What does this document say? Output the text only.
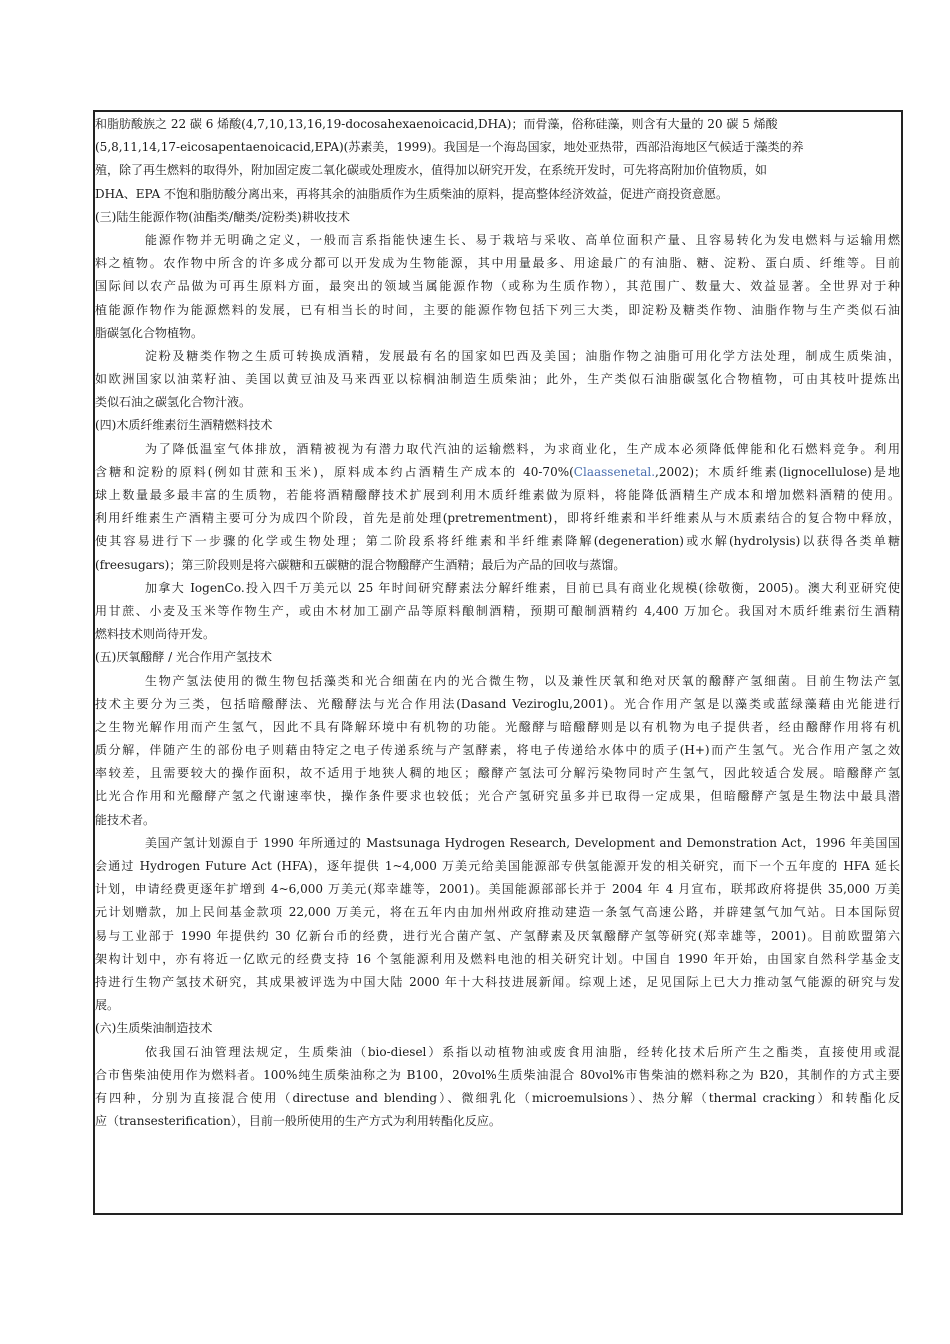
和脂肪酸族之 22 碳 6 烯酸(4,7,10,13,16,19-docosahexaenoicacid,DHA)；而骨藻，俗称硅藻，则含有大量的 20 碳 5 烯酸
(5,8,11,14,17-eicosapentaenoicacid,EPA)(苏素美，1999)。我国是一个海岛国家，地处亚热带，西部沿海地区气候适于藻类的养
殖，除了再生燃料的取得外，附加固定废二氧化碳或处理废水，值得加以研究开发，在系统开发时，可先将高附加价值物质，如
DHA、EPA 不饱和脂肪酸分离出来，再将其余的油脂质作为生质柴油的原料，提高整体经济效益，促进产商投资意愿。
(三)陆生能源作物(油酯类/醣类/淀粉类)耕收技术
能源作物并无明确之定义，一般而言系指能快速生长、易于栽培与采收、高单位面积产量、且容易转化为发电燃料与运输用燃
料之植物。农作物中所含的许多成分都可以开发成为生物能源，其中用量最多、用途最广的有油脂、糖、淀粉、蛋白质、纤维等。目前
国际间以农产品做为可再生原料方面，最突出的领域当属能源作物（或称为生质作物），其范围广、数量大、效益显著。全世界对于种
植能源作物作为能源燃料的发展，已有相当长的时间，主要的能源作物包括下列三大类，即淀粉及糖类作物、油脂作物与生产类似石油
脂碳氢化合物植物。
淀粉及糖类作物之生质可转换成酒精，发展最有名的国家如巴西及美国；油脂作物之油脂可用化学方法处理，制成生质柴油，
如欧洲国家以油菜籽油、美国以黄豆油及马来西亚以棕榈油制造生质柴油；此外，生产类似石油脂碳氢化合物植物，可由其枝叶提炼出
类似石油之碳氢化合物汁液。
(四)木质纤维素衍生酒精燃料技术
为了降低温室气体排放，酒精被视为有潜力取代汽油的运输燃料，为求商业化，生产成本必须降低俾能和化石燃料竞争。利用
含糖和淀粉的原料(例如甘蔗和玉米)，原料成本约占酒精生产成本的 40-70%(Claassenetal.,2002)；木质纤维素(lignocellulose)是地
球上数量最多最丰富的生质物，若能将酒精醱酵技术扩展到利用木质纤维素做为原料，将能降低酒精生产成本和增加燃料酒精的使用。
利用纤维素生产酒精主要可分为成四个阶段，首先是前处理(pretrementment)，即将纤维素和半纤维素从与木质素结合的复合物中释放，
使其容易进行下一步骤的化学或生物处理；第二阶段系将纤维素和半纤维素降解(degeneration)或水解(hydrolysis)以获得各类单糖
(freesugars)；第三阶段则是将六碳糖和五碳糖的混合物醱酵产生酒精；最后为产品的回收与蒸馏。
加拿大 IogenCo.投入四千万美元以 25 年时间研究酵素法分解纤维素，目前已具有商业化规模(徐敬衡，2005)。澳大利亚研究使
用甘蔗、小麦及玉米等作物生产，或由木材加工副产品等原料酿制酒精，预期可酿制酒精约 4,400 万加仑。我国对木质纤维素衍生酒精
燃料技术则尚待开发。
(五)厌氧醱酵 / 光合作用产氢技术
生物产氢法使用的微生物包括藻类和光合细菌在内的光合微生物，以及兼性厌氧和绝对厌氧的醱酵产氢细菌。目前生物法产氢
技术主要分为三类，包括暗醱酵法、光醱酵法与光合作用法(Dasand Veziroglu,2001)。光合作用产氢是以藻类或蓝绿藻藉由光能进行
之生物光解作用而产生氢气，因此不具有降解环境中有机物的功能。光醱酵与暗醱酵则是以有机物为电子提供者，经由醱酵作用将有机
质分解，伴随产生的部份电子则藉由特定之电子传递系统与产氢酵素，将电子传递给水体中的质子(H+)而产生氢气。光合作用产氢之效
率较差，且需要较大的操作面积，故不适用于地狭人稠的地区；醱酵产氢法可分解污染物同时产生氢气，因此较适合发展。暗醱酵产氢
比光合作用和光醱酵产氢之代谢速率快，操作条件要求也较低；光合产氢研究虽多并已取得一定成果，但暗醱酵产氢是生物法中最具潜
能技术者。
美国产氢计划源自于 1990 年所通过的 Mastsunaga Hydrogen Research, Development and Demonstration Act，1996 年美国国
会通过 Hydrogen Future Act (HFA)，逐年提供 1~4,000 万美元给美国能源部专供氢能源开发的相关研究，而下一个五年度的 HFA 延长
计划，申请经费更逐年扩增到 4~6,000 万美元(郑幸雄等，2001)。美国能源部部长并于 2004 年 4 月宣布，联邦政府将提供 35,000 万美
元计划赠款，加上民间基金款项 22,000 万美元，将在五年内由加州州政府推动建造一条氢气高速公路，并辟建氢气加气站。日本国际贸
易与工业部于 1990 年提供约 30 亿新台币的经费，进行光合菌产氢、产氢酵素及厌氧醱酵产氢等研究(郑幸雄等，2001)。目前欧盟第六
架构计划中，亦有将近一亿欧元的经费支持 16 个氢能源利用及燃料电池的相关研究计划。中国自 1990 年开始，由国家自然科学基金支
持进行生物产氢技术研究，其成果被评选为中国大陆 2000 年十大科技进展新闻。综观上述，足见国际上已大力推动氢气能源的研究与发
展。
(六)生质柴油制造技术
依我国石油管理法规定，生质柴油（bio-diesel）系指以动植物油或废食用油脂，经转化技术后所产生之酯类，直接使用或混
合市售柴油使用作为燃料者。100%纯生质柴油称之为 B100，20vol%生质柴油混合 80vol%市售柴油的燃料称之为 B20，其制作的方式主要
有四种，分别为直接混合使用（directuse and blending）、微细乳化（microemulsions）、热分解（thermal cracking）和转酯化反
应（transesterification），目前一般所使用的生产方式为利用转酯化反应。
